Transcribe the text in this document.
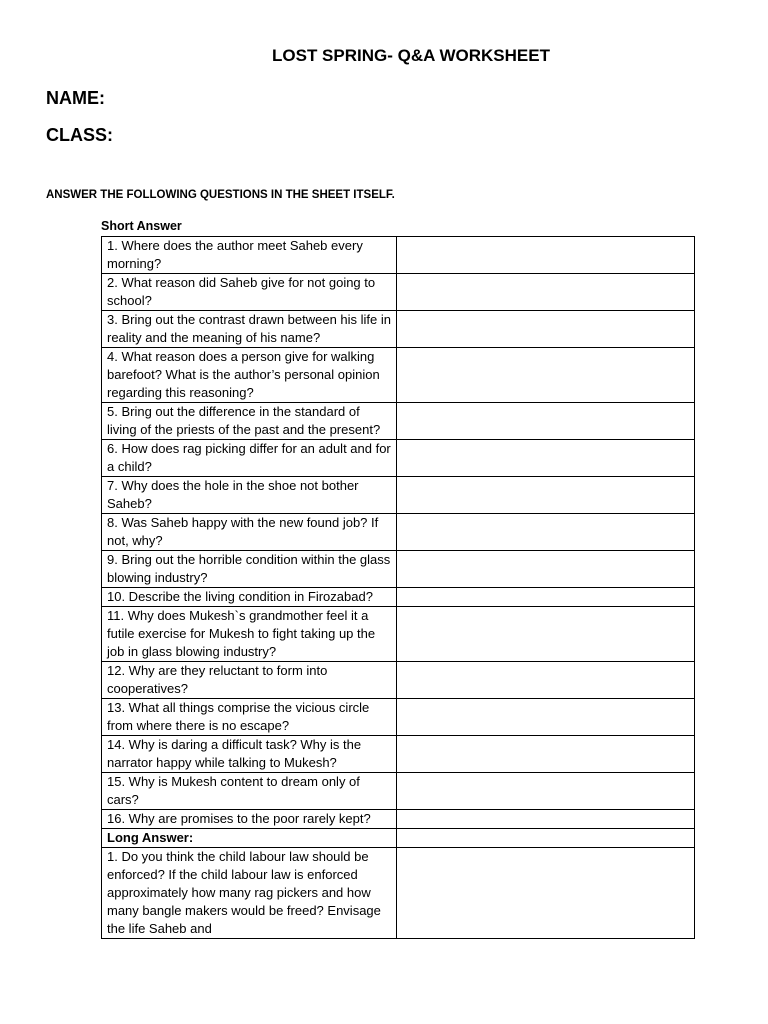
LOST SPRING- Q&A WORKSHEET
NAME:
CLASS:
ANSWER THE FOLLOWING QUESTIONS IN THE SHEET ITSELF.
Short Answer
1. Where does the author meet Saheb every morning?	
2. What reason did Saheb give for not going to school?	
3. Bring out the contrast drawn between his life in reality and the meaning of his name?	
4. What reason does a person give for walking barefoot? What is the author’s personal opinion regarding this reasoning?	
5. Bring out the difference in the standard of living of the priests of the past and the present?	
6. How does rag picking differ for an adult and for a child?	
7. Why does the hole in the shoe not bother Saheb?	
8. Was Saheb happy with the new found job? If not, why?	
9. Bring out the horrible condition within the glass blowing industry?	
10. Describe the living condition in Firozabad?	
11. Why does Mukesh`s grandmother feel it a futile exercise for Mukesh to fight taking up the job in glass blowing industry?	
12. Why are they reluctant to form into cooperatives?	
13. What all things comprise the vicious circle from where there is no escape?	
14. Why is daring a difficult task? Why is the narrator happy while talking to Mukesh?	
15. Why is Mukesh content to dream only of cars?	
16. Why are promises to the poor rarely kept?	
Long Answer:	
1. Do you think the child labour law should be enforced? If the child labour law is enforced approximately how many rag pickers and how many bangle makers would be freed? Envisage the life Saheb and	
